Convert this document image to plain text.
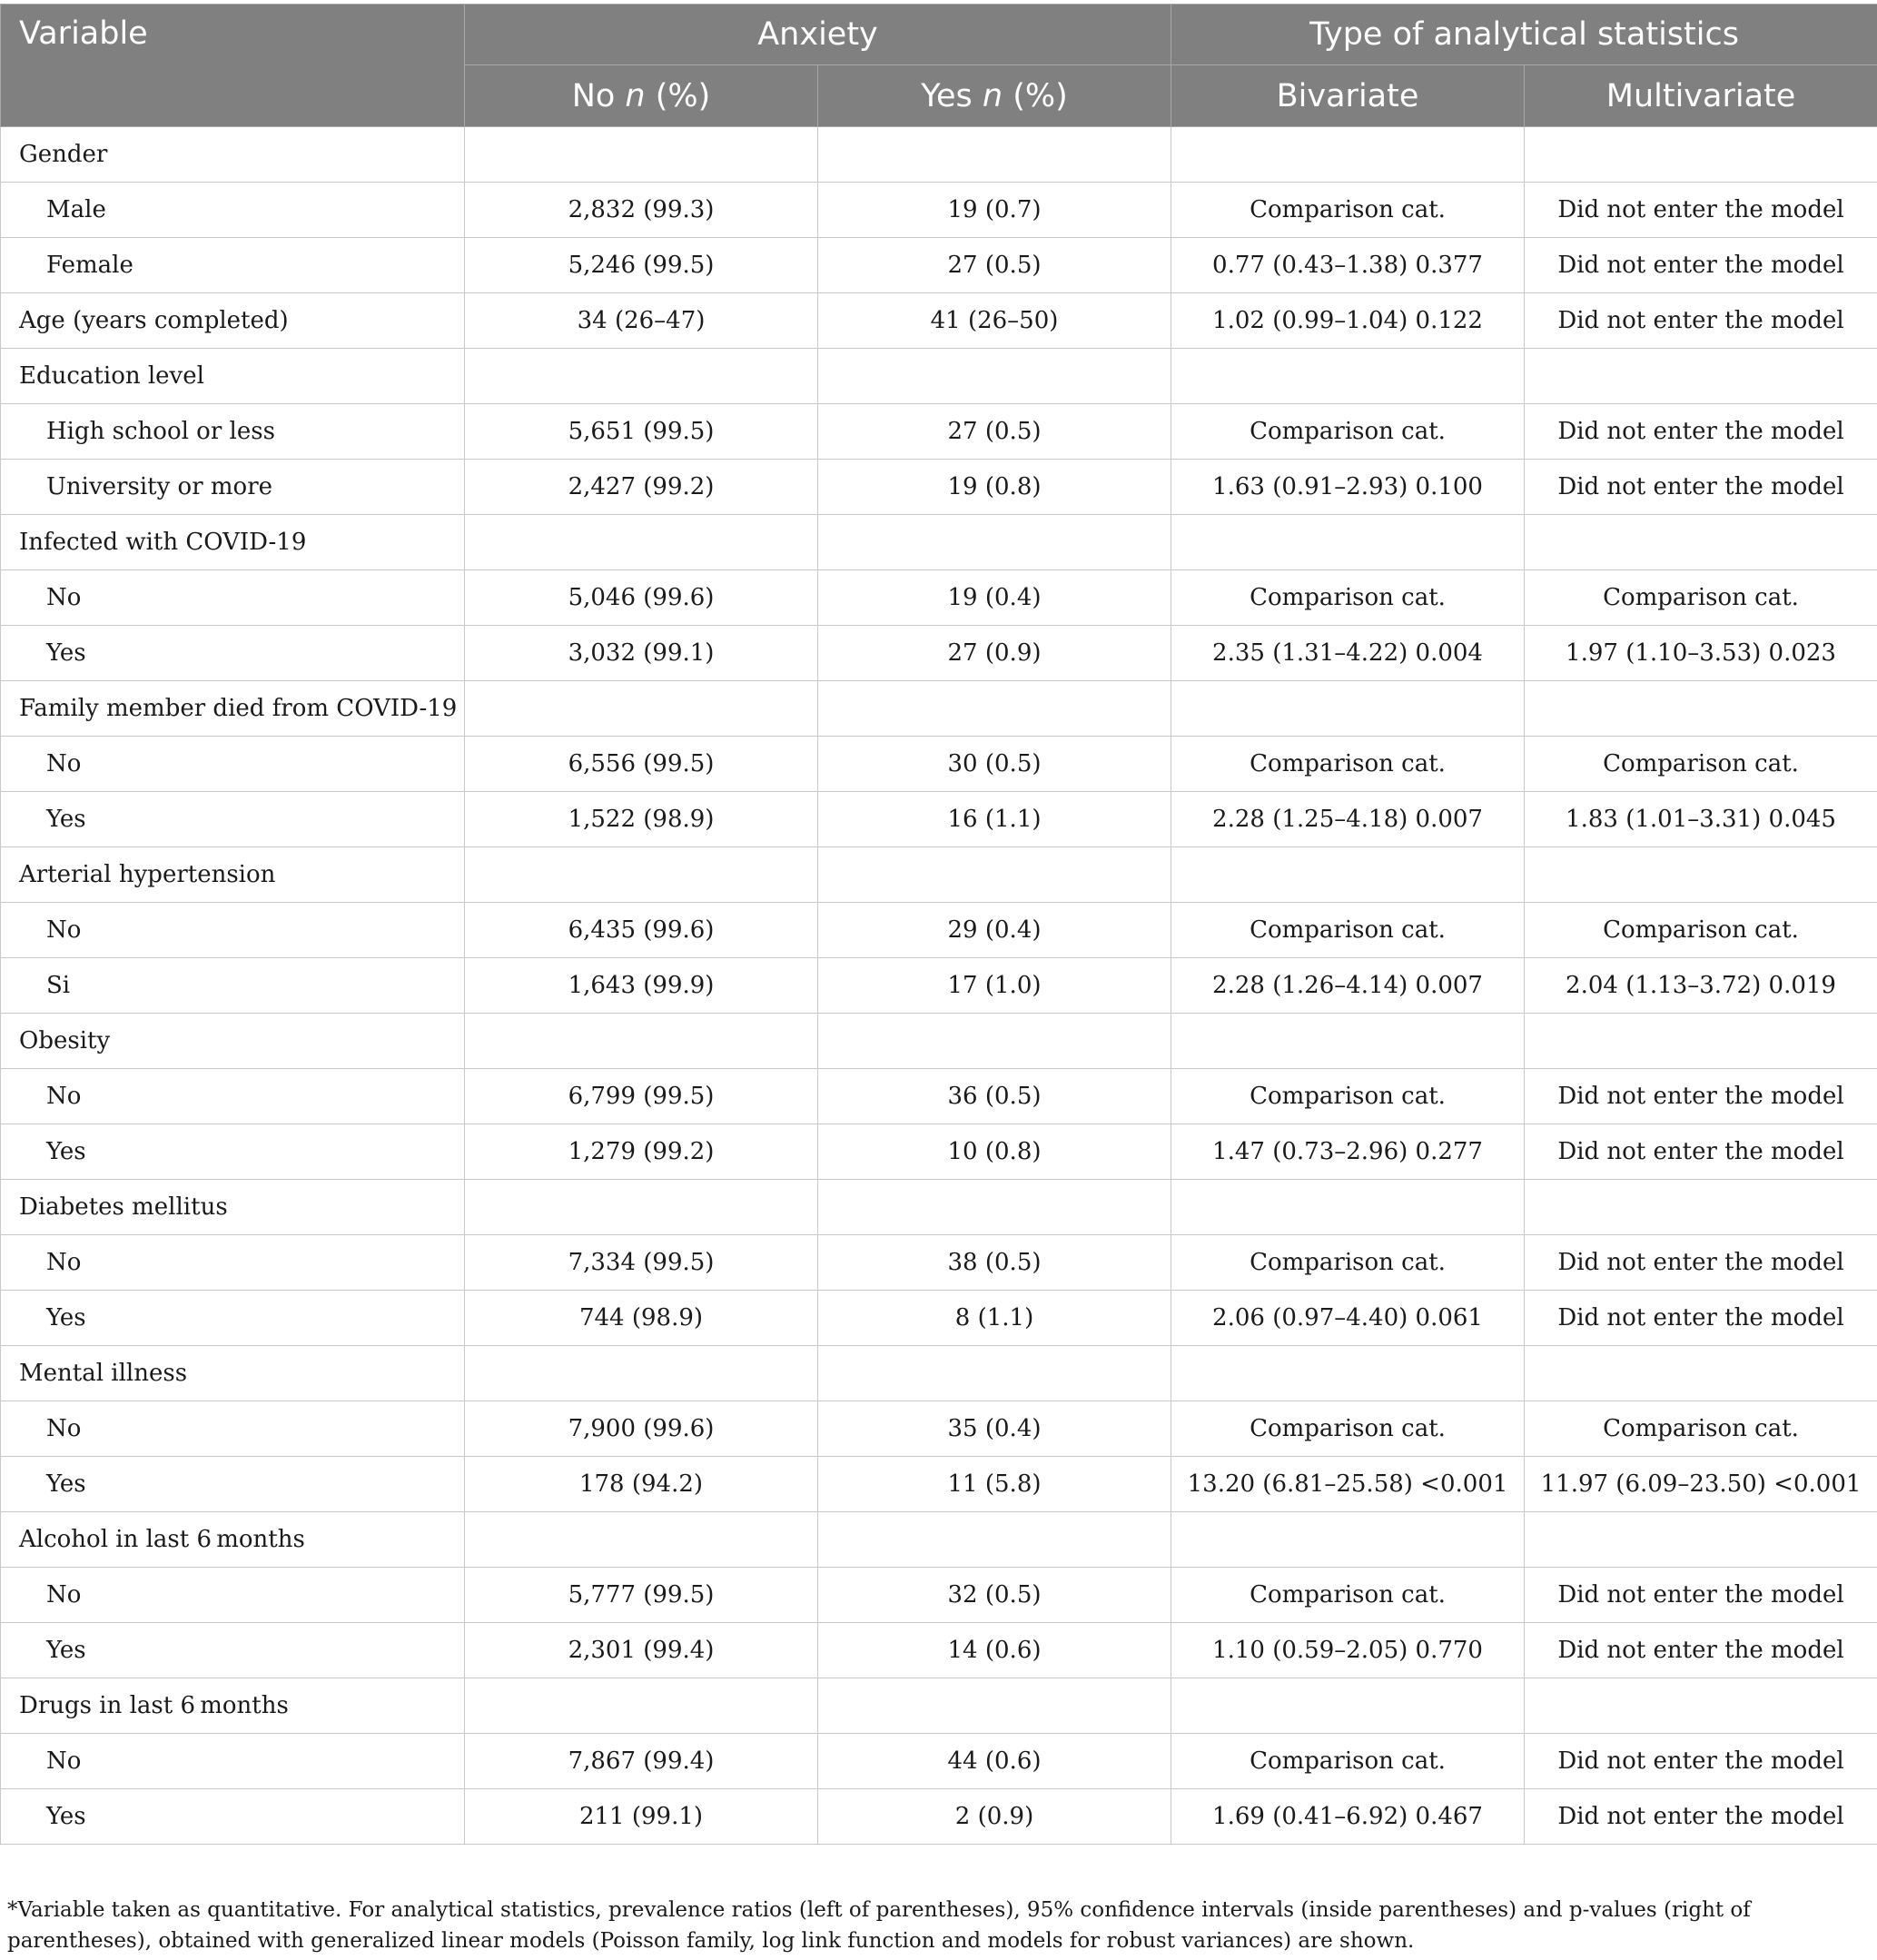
Variable	Anxiety		Type of analytical statistics	
	No n (%)	Yes n (%)	Bivariate	Multivariate
Gender				
Male	2,832 (99.3)	19 (0.7)	Comparison cat.	Did not enter the model
Female	5,246 (99.5)	27 (0.5)	0.77 (0.43–1.38) 0.377	Did not enter the model
Age (years completed)	34 (26–47)	41 (26–50)	1.02 (0.99–1.04) 0.122	Did not enter the model
Education level				
High school or less	5,651 (99.5)	27 (0.5)	Comparison cat.	Did not enter the model
University or more	2,427 (99.2)	19 (0.8)	1.63 (0.91–2.93) 0.100	Did not enter the model
Infected with COVID-19				
No	5,046 (99.6)	19 (0.4)	Comparison cat.	Comparison cat.
Yes	3,032 (99.1)	27 (0.9)	2.35 (1.31–4.22) 0.004	1.97 (1.10–3.53) 0.023
Family member died from COVID-19				
No	6,556 (99.5)	30 (0.5)	Comparison cat.	Comparison cat.
Yes	1,522 (98.9)	16 (1.1)	2.28 (1.25–4.18) 0.007	1.83 (1.01–3.31) 0.045
Arterial hypertension				
No	6,435 (99.6)	29 (0.4)	Comparison cat.	Comparison cat.
Si	1,643 (99.9)	17 (1.0)	2.28 (1.26–4.14) 0.007	2.04 (1.13–3.72) 0.019
Obesity				
No	6,799 (99.5)	36 (0.5)	Comparison cat.	Did not enter the model
Yes	1,279 (99.2)	10 (0.8)	1.47 (0.73–2.96) 0.277	Did not enter the model
Diabetes mellitus				
No	7,334 (99.5)	38 (0.5)	Comparison cat.	Did not enter the model
Yes	744 (98.9)	8 (1.1)	2.06 (0.97–4.40) 0.061	Did not enter the model
Mental illness				
No	7,900 (99.6)	35 (0.4)	Comparison cat.	Comparison cat.
Yes	178 (94.2)	11 (5.8)	13.20 (6.81–25.58) <0.001	11.97 (6.09–23.50) <0.001
Alcohol in last 6 months				
No	5,777 (99.5)	32 (0.5)	Comparison cat.	Did not enter the model
Yes	2,301 (99.4)	14 (0.6)	1.10 (0.59–2.05) 0.770	Did not enter the model
Drugs in last 6 months				
No	7,867 (99.4)	44 (0.6)	Comparison cat.	Did not enter the model
Yes	211 (99.1)	2 (0.9)	1.69 (0.41–6.92) 0.467	Did not enter the model
*Variable taken as quantitative. For analytical statistics, prevalence ratios (left of parentheses), 95% confidence intervals (inside parentheses) and p-values (right of parentheses), obtained with generalized linear models (Poisson family, log link function and models for robust variances) are shown.
